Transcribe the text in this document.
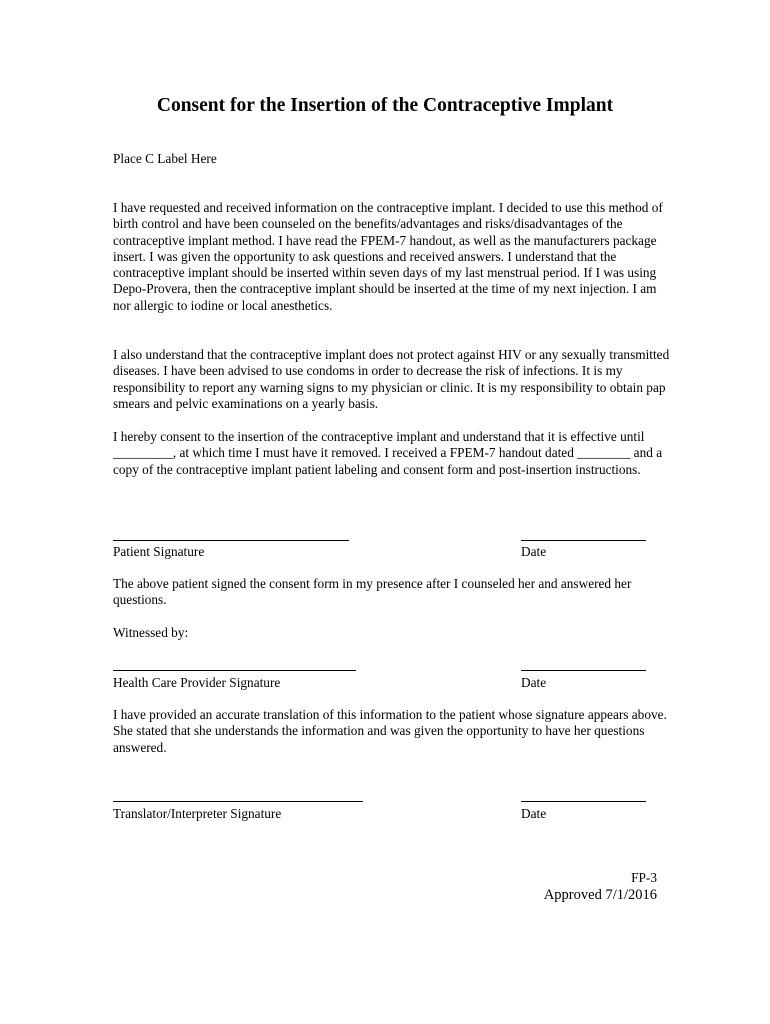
Consent for the Insertion of the Contraceptive Implant

Place C Label Here

I have requested and received information on the contraceptive implant. I decided to use this method of birth control and have been counseled on the benefits/advantages and risks/disadvantages of the contraceptive implant method. I have read the FPEM-7 handout, as well as the manufacturers package insert. I was given the opportunity to ask questions and received answers. I understand that the contraceptive implant should be inserted within seven days of my last menstrual period. If I was using Depo-Provera, then the contraceptive implant should be inserted at the time of my next injection. I am nor allergic to iodine or local anesthetics.

I also understand that the contraceptive implant does not protect against HIV or any sexually transmitted diseases. I have been advised to use condoms in order to decrease the risk of infections. It is my responsibility to report any warning signs to my physician or clinic. It is my responsibility to obtain pap smears and pelvic examinations on a yearly basis.

I hereby consent to the insertion of the contraceptive implant and understand that it is effective until _________, at which time I must have it removed. I received a FPEM-7 handout dated ________ and a copy of the contraceptive implant patient labeling and consent form and post-insertion instructions.

Patient Signature	Date

The above patient signed the consent form in my presence after I counseled her and answered her questions.

Witnessed by:

Health Care Provider Signature	Date

I have provided an accurate translation of this information to the patient whose signature appears above. She stated that she understands the information and was given the opportunity to have her questions answered.

Translator/Interpreter Signature	Date
FP-3
Approved 7/1/2016
